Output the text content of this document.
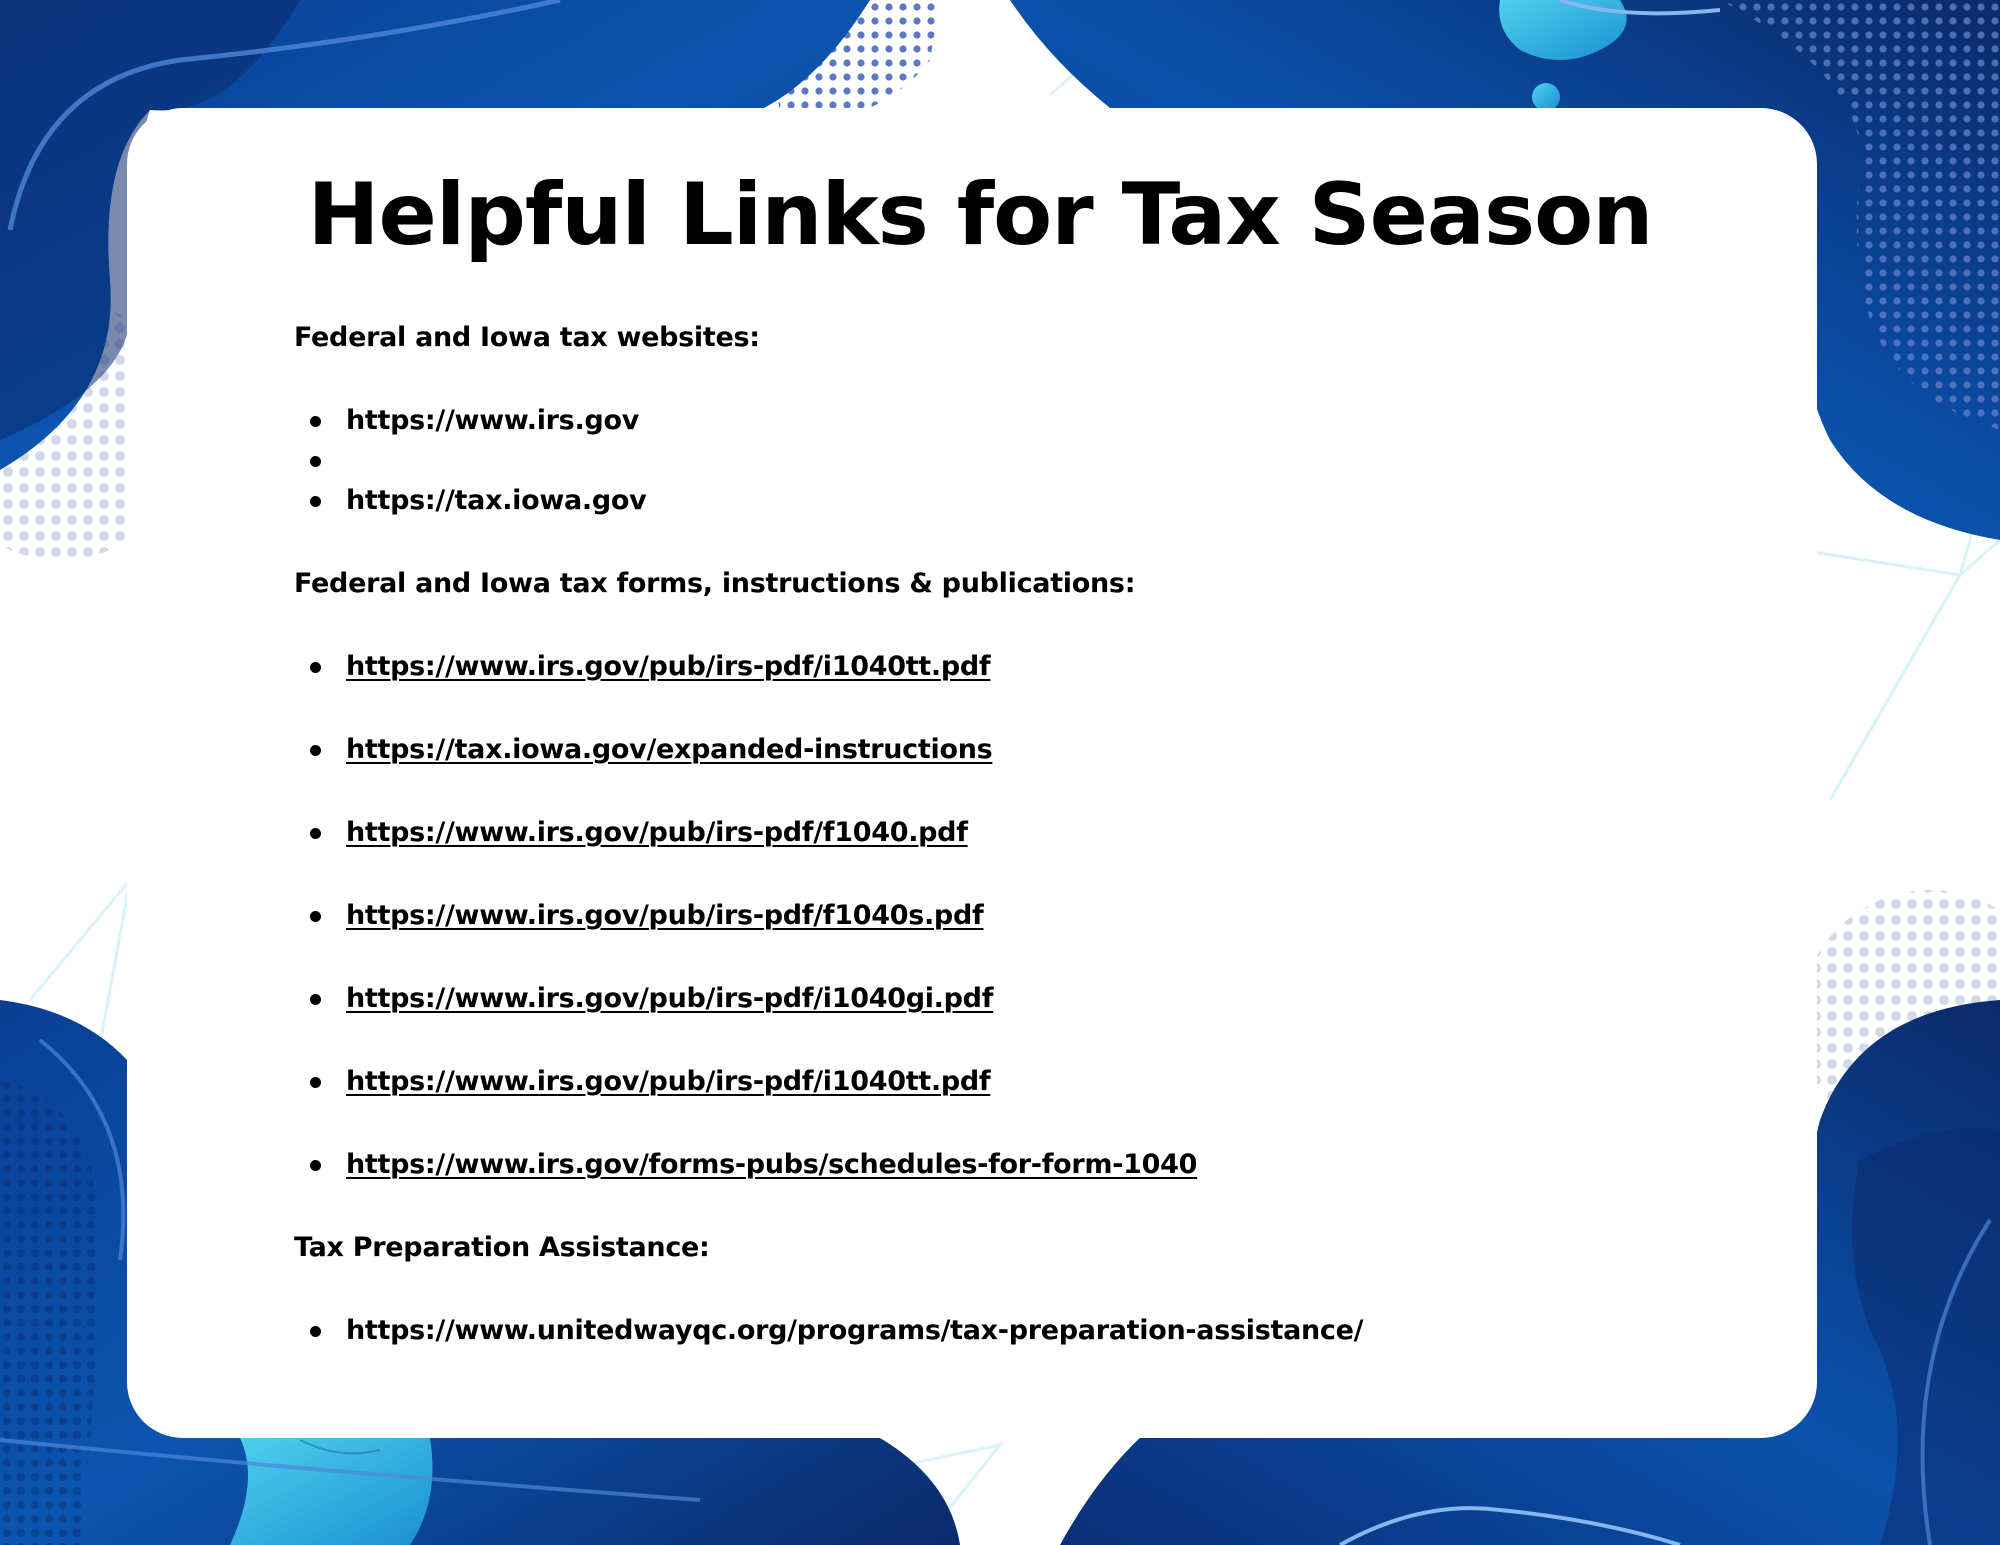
Helpful Links for Tax Season
Federal and Iowa tax websites:
https://www.irs.gov
https://tax.iowa.gov
Federal and Iowa tax forms, instructions & publications:
https://www.irs.gov/pub/irs-pdf/i1040tt.pdf
https://tax.iowa.gov/expanded-instructions
https://www.irs.gov/pub/irs-pdf/f1040.pdf
https://www.irs.gov/pub/irs-pdf/f1040s.pdf
https://www.irs.gov/pub/irs-pdf/i1040gi.pdf
https://www.irs.gov/pub/irs-pdf/i1040tt.pdf
https://www.irs.gov/forms-pubs/schedules-for-form-1040
Tax Preparation Assistance:
https://www.unitedwayqc.org/programs/tax-preparation-assistance/
